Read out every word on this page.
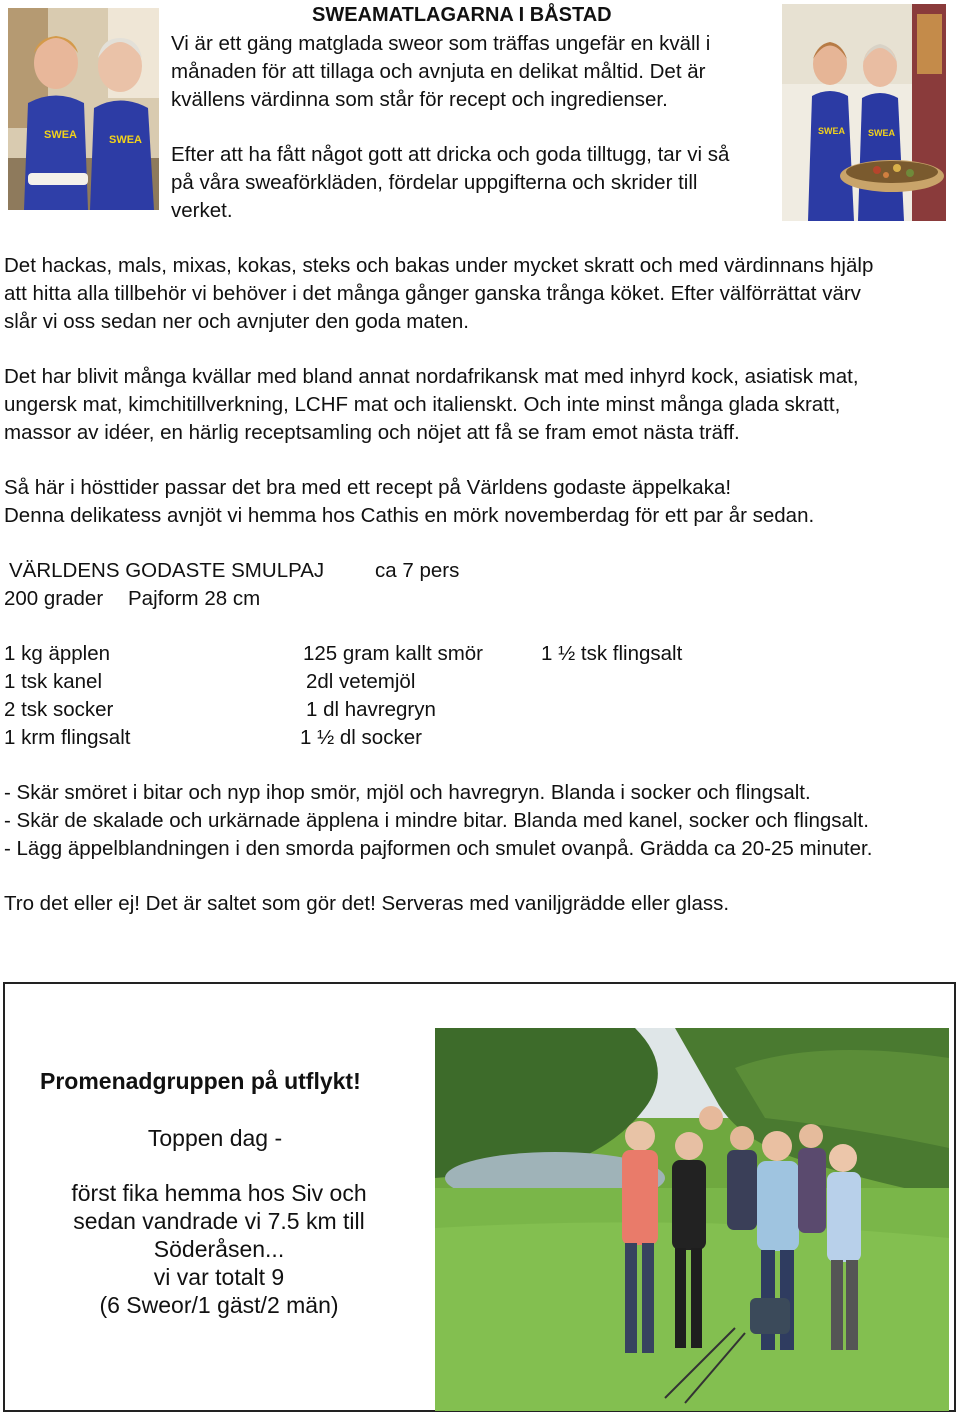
SWEA	SWEA
SWEA	SWEA
SWEAMATLAGARNA I BÅSTAD
Vi är ett gäng matglada sweor som träffas ungefär en kväll i
månaden för att tillaga och avnjuta en delikat måltid. Det är
kvällens värdinna som står för recept och ingredienser.
Efter att ha fått något gott att dricka och goda tilltugg, tar vi så
på våra sweaförkläden, fördelar uppgifterna och skrider till
verket.
Det hackas, mals, mixas, kokas, steks och bakas under mycket skratt och med värdinnans hjälp
att hitta alla tillbehör vi behöver i det många gånger ganska trånga köket. Efter välförrättat värv
slår vi oss sedan ner och avnjuter den goda maten.
Det har blivit många kvällar med bland annat nordafrikansk mat med inhyrd kock, asiatisk mat,
ungersk mat, kimchitillverkning, LCHF mat och italienskt. Och inte minst många glada skratt,
massor av idéer, en härlig receptsamling och nöjet att få se fram emot nästa träff.
Så här i hösttider passar det bra med ett recept på Världens godaste äppelkaka!
Denna delikatess avnjöt vi hemma hos Cathis en mörk novemberdag för ett par år sedan.
VÄRLDENS GODASTE SMULPAJ ca 7 pers
200 grader Pajform 28 cm
1 kg äpplen
1 tsk kanel
2 tsk socker
1 krm flingsalt
125 gram kallt smör
2dl vetemjöl
1 dl havregryn
1 ½ dl socker
1 ½ tsk flingsalt
- Skär smöret i bitar och nyp ihop smör, mjöl och havregryn. Blanda i socker och flingsalt.
- Skär de skalade och urkärnade äpplena i mindre bitar. Blanda med kanel, socker och flingsalt.
- Lägg äppelblandningen i den smorda pajformen och smulet ovanpå. Grädda ca 20-25 minuter.
Tro det eller ej! Det är saltet som gör det! Serveras med vaniljgrädde eller glass.
Promenadgruppen på utflykt!
Toppen dag -
först fika hemma hos Siv och
sedan vandrade vi 7.5 km till
Söderåsen...
vi var totalt 9
(6 Sweor/1 gäst/2 män)
